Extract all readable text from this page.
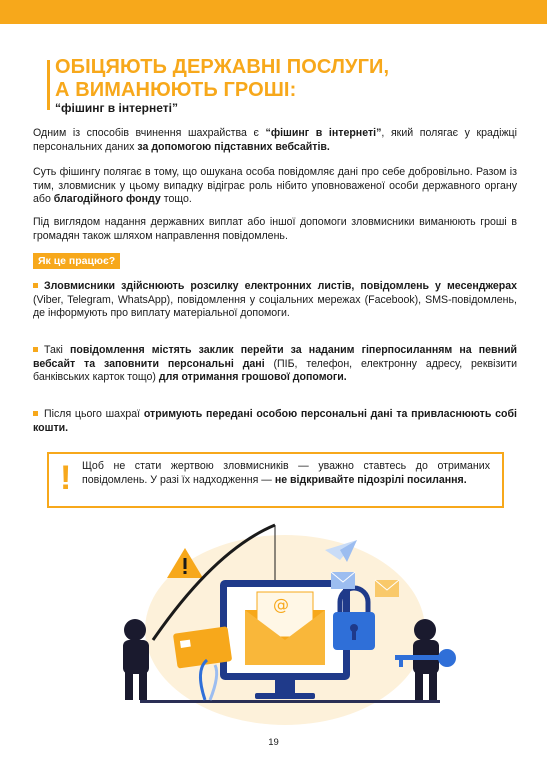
ОБІЦЯЮТЬ ДЕРЖАВНІ ПОСЛУГИ,
А ВИМАНЮЮТЬ ГРОШІ:
“фішинг в інтернеті”
Одним із способів вчинення шахрайства є “фішинг в інтернеті”, який полягає у крадіжці персональних даних за допомогою підставних вебсайтів.
Суть фішингу полягає в тому, що ошукана особа повідомляє дані про себе добровільно. Разом із тим, зловмисник у цьому випадку відіграє роль нібито уповноваженої особи державного органу або благодійного фонду тощо.
Під виглядом надання державних виплат або іншої допомоги зловмисники виманюють гроші в громадян також шляхом направлення повідомлень.
Як це працює?
Зловмисники здійснюють розсилку електронних листів, повідомлень у месенджерах (Viber, Telegram, WhatsApp), повідомлення у соціальних мережах (Facebook), SMS-повідомлень, де інформують про виплату матеріальної допомоги.
Такі повідомлення містять заклик перейти за наданим гіперпосиланням на певний вебсайт та заповнити персональні дані (ПІБ, телефон, електронну адресу, реквізити банківських карток тощо) для отримання грошової допомоги.
Після цього шахраї отримують передані особою персональні дані та привласнюють собі кошти.
! Щоб не стати жертвою зловмисників — уважно ставтесь до отриманих повідомлень. У разі їх надходження — не відкривайте підозрілі посилання.
@
19
